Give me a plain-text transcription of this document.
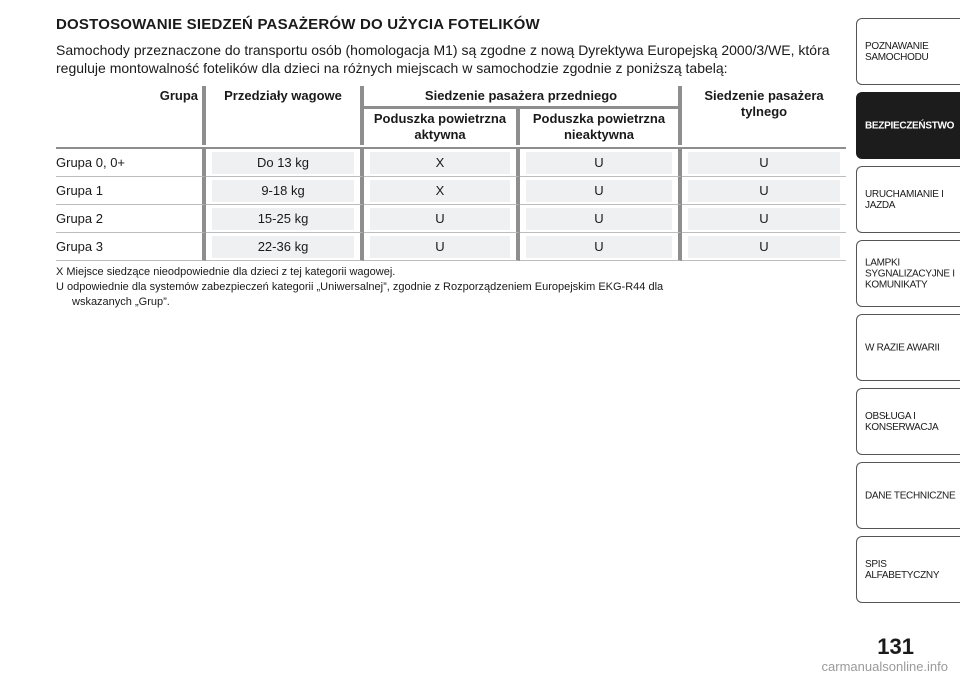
DOSTOSOWANIE SIEDZEŃ PASAŻERÓW DO UŻYCIA FOTELIKÓW

Samochody przeznaczone do transportu osób (homologacja M1) są zgodne z nową Dyrektywa Europejską 2000/3/WE, która reguluje montowalność fotelików dla dzieci na różnych miejscach w samochodzie zgodnie z poniższą tabelą:

Grupa	Przedziały wagowe	Siedzenie pasażera przedniego		Siedzenie pasażera tylnego
		Poduszka powietrzna aktywna	Poduszka powietrzna nieaktywna	

Grupa 0, 0+	Do 13 kg	X	U	U

Grupa 1	9-18 kg	X	U	U

Grupa 2	15-25 kg	U	U	U

Grupa 3	22-36 kg	U	U	U

X Miejsce siedzące nieodpowiednie dla dzieci z tej kategorii wagowej.

U odpowiednie dla systemów zabezpieczeń kategorii „Uniwersalnej”, zgodnie z Rozporządzeniem Europejskim EKG-R44 dla

wskazanych „Grup”.

POZNAWANIE
SAMOCHODU
BEZPIECZEŃSTWO
URUCHAMIANIE I
JAZDA
LAMPKI
SYGNALIZACYJNE I
KOMUNIKATY
W RAZIE AWARII
OBSŁUGA I
KONSERWACJA
DANE TECHNICZNE
SPIS ALFABETYCZNY
131
carmanualsonline.info
